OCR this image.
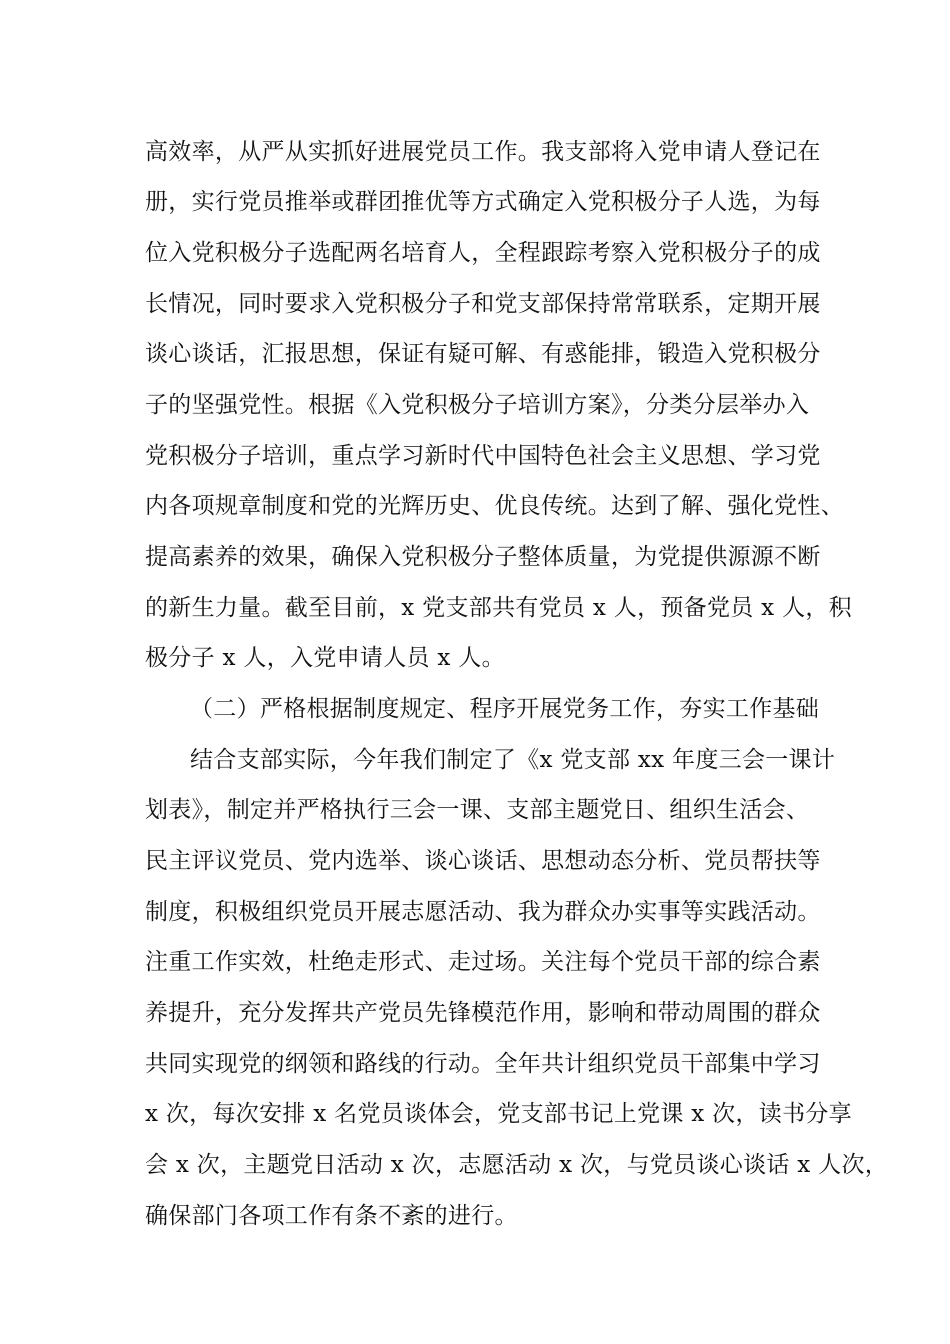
高效率，从严从实抓好进展党员工作。我支部将入党申请人登记在
册，实行党员推举或群团推优等方式确定入党积极分子人选，为每
位入党积极分子选配两名培育人，全程跟踪考察入党积极分子的成
长情况，同时要求入党积极分子和党支部保持常常联系，定期开展
谈心谈话，汇报思想，保证有疑可解、有惑能排，锻造入党积极分
子的坚强党性。根据《入党积极分子培训方案》，分类分层举办入
党积极分子培训，重点学习新时代中国特色社会主义思想、学习党
内各项规章制度和党的光辉历史、优良传统。达到了解、强化党性、
提高素养的效果，确保入党积极分子整体质量，为党提供源源不断
的新生力量。截至目前，x 党支部共有党员 x 人，预备党员 x 人，积
极分子 x 人，入党申请人员 x 人。
（二）严格根据制度规定、程序开展党务工作，夯实工作基础
结合支部实际，今年我们制定了《x 党支部 xx 年度三会一课计
划表》，制定并严格执行三会一课、支部主题党日、组织生活会、
民主评议党员、党内选举、谈心谈话、思想动态分析、党员帮扶等
制度，积极组织党员开展志愿活动、我为群众办实事等实践活动。
注重工作实效，杜绝走形式、走过场。关注每个党员干部的综合素
养提升，充分发挥共产党员先锋模范作用，影响和带动周围的群众
共同实现党的纲领和路线的行动。全年共计组织党员干部集中学习
x 次，每次安排 x 名党员谈体会，党支部书记上党课 x 次，读书分享
会 x 次，主题党日活动 x 次，志愿活动 x 次，与党员谈心谈话 x 人次，
确保部门各项工作有条不紊的进行。
